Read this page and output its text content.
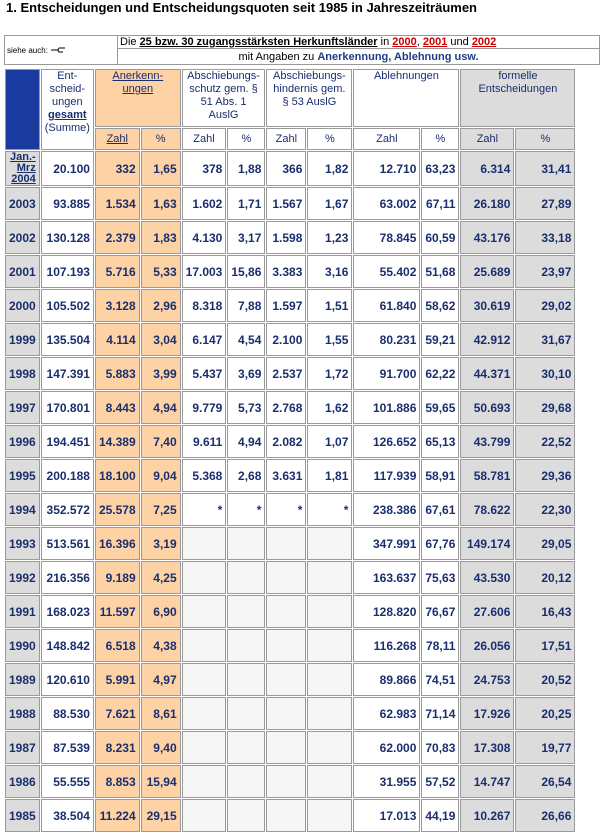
1. Entscheidungen und Entscheidungsquoten seit 1985 in Jahreszeiträumen
siehe auch:	Die 25 bzw. 30 zugangsstärksten Herkunftsländer in 2000, 2001 und 2002
mit Angaben zu Anerkennung, Ablehnung usw.

	Ent-scheid-ungen
gesamt
(Summe)	Anerkenn-ungen		Abschiebungs-schutz gem. § 51 Abs. 1 AuslG		Abschiebungs-hindernis gem. § 53 AuslG		Ablehnungen		formelle Entscheidungen	
		Zahl	%	Zahl	%	Zahl	%	Zahl	%	Zahl	%
Jan.-Mrz 2004	20.100	332	1,65	378	1,88	366	1,82	12.710	63,23	6.314	31,41
2003	93.885	1.534	1,63	1.602	1,71	1.567	1,67	63.002	67,11	26.180	27,89
2002	130.128	2.379	1,83	4.130	3,17	1.598	1,23	78.845	60,59	43.176	33,18
2001	107.193	5.716	5,33	17.003	15,86	3.383	3,16	55.402	51,68	25.689	23,97
2000	105.502	3.128	2,96	8.318	7,88	1.597	1,51	61.840	58,62	30.619	29,02
1999	135.504	4.114	3,04	6.147	4,54	2.100	1,55	80.231	59,21	42.912	31,67
1998	147.391	5.883	3,99	5.437	3,69	2.537	1,72	91.700	62,22	44.371	30,10
1997	170.801	8.443	4,94	9.779	5,73	2.768	1,62	101.886	59,65	50.693	29,68
1996	194.451	14.389	7,40	9.611	4,94	2.082	1,07	126.652	65,13	43.799	22,52
1995	200.188	18.100	9,04	5.368	2,68	3.631	1,81	117.939	58,91	58.781	29,36
1994	352.572	25.578	7,25	*	*	*	*	238.386	67,61	78.622	22,30
1993	513.561	16.396	3,19					347.991	67,76	149.174	29,05
1992	216.356	9.189	4,25					163.637	75,63	43.530	20,12
1991	168.023	11.597	6,90					128.820	76,67	27.606	16,43
1990	148.842	6.518	4,38					116.268	78,11	26.056	17,51
1989	120.610	5.991	4,97					89.866	74,51	24.753	20,52
1988	88.530	7.621	8,61					62.983	71,14	17.926	20,25
1987	87.539	8.231	9,40					62.000	70,83	17.308	19,77
1986	55.555	8.853	15,94					31.955	57,52	14.747	26,54
1985	38.504	11.224	29,15					17.013	44,19	10.267	26,66
